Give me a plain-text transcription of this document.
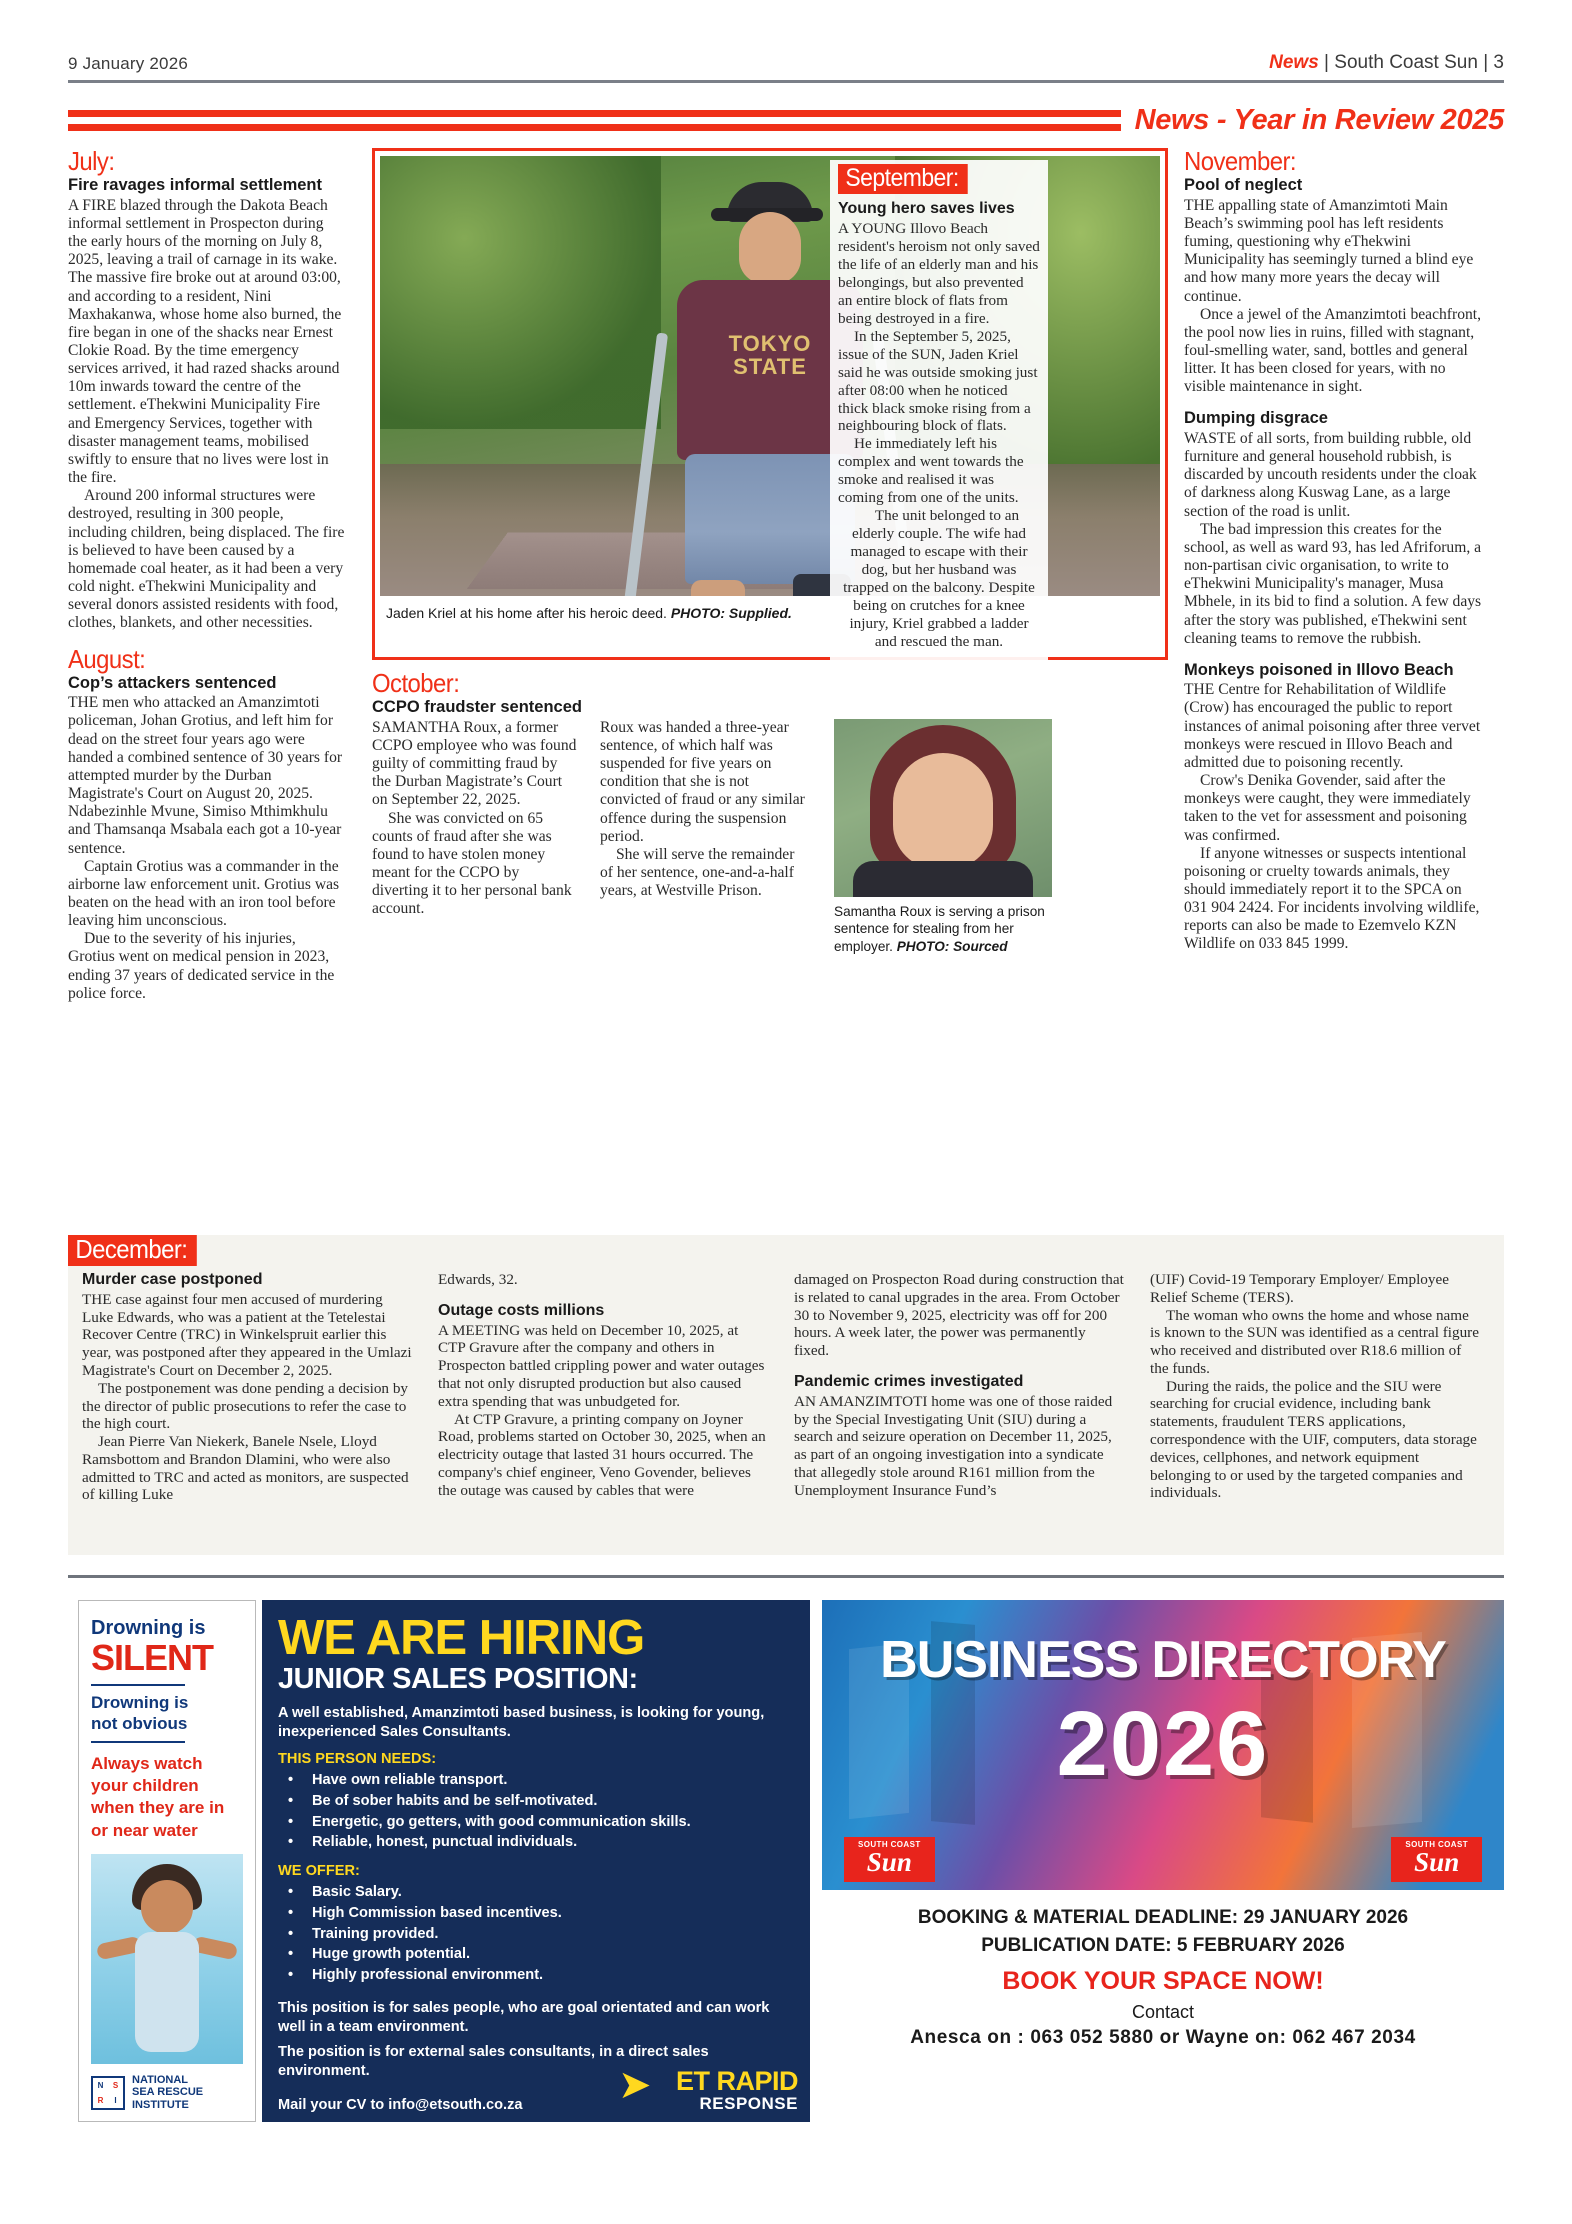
9 January 2026	News | South Coast Sun | 3
News - Year in Review 2025
July:
Fire ravages informal settlement

A FIRE blazed through the Dakota Beach informal settlement in Prospecton during the early hours of the morning on July 8, 2025, leaving a trail of carnage in its wake. The massive fire broke out at around 03:00, and according to a resident, Nini Maxhakanwa, whose home also burned, the fire began in one of the shacks near Ernest Clokie Road. By the time emergency services arrived, it had razed shacks around 10m inwards toward the centre of the settlement. eThekwini Municipality Fire and Emergency Services, together with disaster management teams, mobilised swiftly to ensure that no lives were lost in the fire.

Around 200 informal structures were destroyed, resulting in 300 people, including children, being displaced. The fire is believed to have been caused by a homemade coal heater, as it had been a very cold night. eThekwini Municipality and several donors assisted residents with food, clothes, blankets, and other necessities.

August:
Cop’s attackers sentenced

THE men who attacked an Amanzimtoti policeman, Johan Grotius, and left him for dead on the street four years ago were handed a combined sentence of 30 years for attempted murder by the Durban Magistrate's Court on August 20, 2025. Ndabezinhle Mvune, Simiso Mthimkhulu and Thamsanqa Msabala each got a 10-year sentence.

Captain Grotius was a commander in the airborne law enforcement unit. Grotius was beaten on the head with an iron tool before leaving him unconscious.

Due to the severity of his injuries, Grotius went on medical pension in 2023, ending 37 years of dedicated service in the police force.

TOKYO
STATE
Jaden Kriel at his home after his heroic deed. PHOTO: Supplied.
September:
Young hero saves lives

A YOUNG Illovo Beach resident's heroism not only saved the life of an elderly man and his belongings, but also prevented an entire block of flats from being destroyed in a fire.

In the September 5, 2025, issue of the SUN, Jaden Kriel said he was outside smoking just after 08:00 when he noticed thick black smoke rising from a neighbouring block of flats.

He immediately left his complex and went towards the smoke and realised it was coming from one of the units.

The unit belonged to an elderly couple. The wife had managed to escape with their dog, but her husband was trapped on the balcony. Despite being on crutches for a knee injury, Kriel grabbed a ladder and rescued the man.

October:
CCPO fraudster sentenced

SAMANTHA Roux, a former CCPO employee who was found guilty of committing fraud by the Durban Magistrate’s Court on September 22, 2025.

She was convicted on 65 counts of fraud after she was found to have stolen money meant for the CCPO by diverting it to her personal bank account.

Roux was handed a three-year sentence, of which half was suspended for five years on condition that she is not convicted of fraud or any similar offence during the suspension period.

She will serve the remainder of her sentence, one-and-a-half years, at Westville Prison.

Samantha Roux is serving a prison sentence for stealing from her employer. PHOTO: Sourced
November:
Pool of neglect

THE appalling state of Amanzimtoti Main Beach’s swimming pool has left residents fuming, questioning why eThekwini Municipality has seemingly turned a blind eye and how many more years the decay will continue.

Once a jewel of the Amanzimtoti beachfront, the pool now lies in ruins, filled with stagnant, foul-smelling water, sand, bottles and general litter. It has been closed for years, with no visible maintenance in sight.

Dumping disgrace

WASTE of all sorts, from building rubble, old furniture and general household rubbish, is discarded by uncouth residents under the cloak of darkness along Kuswag Lane, as a large section of the road is unlit.

The bad impression this creates for the school, as well as ward 93, has led Afriforum, a non-partisan civic organisation, to write to eThekwini Municipality's manager, Musa Mbhele, in its bid to find a solution. A few days after the story was published, eThekwini sent cleaning teams to remove the rubbish.

Monkeys poisoned in Illovo Beach

THE Centre for Rehabilitation of Wildlife (Crow) has encouraged the public to report instances of animal poisoning after three vervet monkeys were rescued in Illovo Beach and admitted due to poisoning recently.

Crow's Denika Govender, said after the monkeys were caught, they were immediately taken to the vet for assessment and poisoning was confirmed.

If anyone witnesses or suspects intentional poisoning or cruelty towards animals, they should immediately report it to the SPCA on 031 904 2424. For incidents involving wildlife, reports can also be made to Ezemvelo KZN Wildlife on 033 845 1999.

December:
Murder case postponed

THE case against four men accused of murdering Luke Edwards, who was a patient at the Tetelestai Recover Centre (TRC) in Winkelspruit earlier this year, was postponed after they appeared in the Umlazi Magistrate's Court on December 2, 2025.

The postponement was done pending a decision by the director of public prosecutions to refer the case to the high court.

Jean Pierre Van Niekerk, Banele Nsele, Lloyd Ramsbottom and Brandon Dlamini, who were also admitted to TRC and acted as monitors, are suspected of killing Luke

Edwards, 32.

Outage costs millions

A MEETING was held on December 10, 2025, at CTP Gravure after the company and others in Prospecton battled crippling power and water outages that not only disrupted production but also caused extra spending that was unbudgeted for.

At CTP Gravure, a printing company on Joyner Road, problems started on October 30, 2025, when an electricity outage that lasted 31 hours occurred. The company's chief engineer, Veno Govender, believes the outage was caused by cables that were

damaged on Prospecton Road during construction that is related to canal upgrades in the area. From October 30 to November 9, 2025, electricity was off for 200 hours. A week later, the power was permanently fixed.

Pandemic crimes investigated

AN AMANZIMTOTI home was one of those raided by the Special Investigating Unit (SIU) during a search and seizure operation on December 11, 2025, as part of an ongoing investigation into a syndicate that allegedly stole around R161 million from the Unemployment Insurance Fund’s

(UIF) Covid-19 Temporary Employer/ Employee Relief Scheme (TERS).

The woman who owns the home and whose name is known to the SUN was identified as a central figure who received and distributed over R18.6 million of the funds.

During the raids, the police and the SIU were searching for crucial evidence, including bank statements, fraudulent TERS applications, correspondence with the UIF, computers, data storage devices, cellphones, and network equipment belonging to or used by the targeted companies and individuals.

Drowning is
SILENT
Drowning is
not obvious
Always watch your children when they are in or near water
N S
R I
NATIONAL
SEA RESCUE
INSTITUTE
WE ARE HIRING
JUNIOR SALES POSITION:
A well established, Amanzimtoti based business, is looking for young, inexperienced Sales Consultants.
THIS PERSON NEEDS:
• Have own reliable transport.
• Be of sober habits and be self-motivated.
• Energetic, go getters, with good communication skills.
• Reliable, honest, punctual individuals.
WE OFFER:
• Basic Salary.
• High Commission based incentives.
• Training provided.
• Huge growth potential.
• Highly professional environment.
This position is for sales people, who are goal orientated and can work well in a team environment.
The position is for external sales consultants, in a direct sales environment.
Mail your CV to info@etsouth.co.za	➤ ET RAPID
RESPONSE
BUSINESS DIRECTORY
2026
SOUTH COAST
Sun
SOUTH COAST
Sun
BOOKING & MATERIAL DEADLINE: 29 JANUARY 2026
PUBLICATION DATE: 5 FEBRUARY 2026
BOOK YOUR SPACE NOW!
Contact
Anesca on : 063 052 5880 or Wayne on: 062 467 2034
